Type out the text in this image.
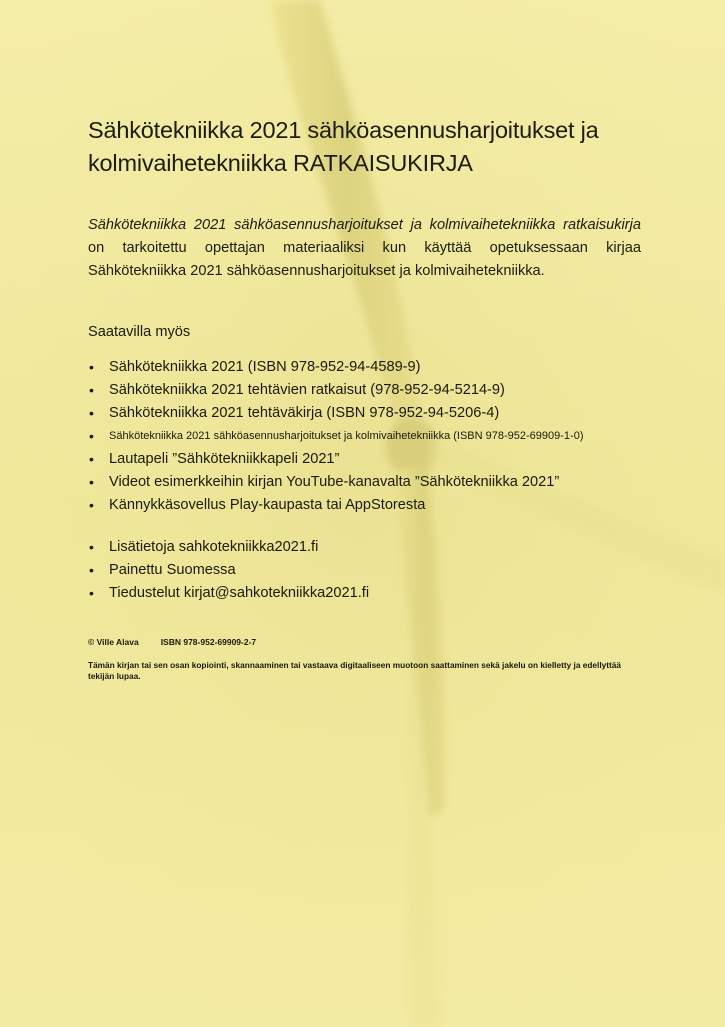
Sähkötekniikka 2021 sähköasennusharjoitukset ja kolmivaihetekniikka RATKAISUKIRJA

Sähkötekniikka 2021 sähköasennusharjoitukset ja kolmivaihetekniikka ratkaisukirja on tarkoitettu opettajan materiaaliksi kun käyttää opetuksessaan kirjaa Sähkötekniikka 2021 sähköasennusharjoitukset ja kolmivaihetekniikka.

Saatavilla myös

• Sähkötekniikka 2021 (ISBN 978-952-94-4589-9)
• Sähkötekniikka 2021 tehtävien ratkaisut (978-952-94-5214-9)
• Sähkötekniikka 2021 tehtäväkirja (ISBN 978-952-94-5206-4)
• Sähkötekniikka 2021 sähköasennusharjoitukset ja kolmivaihetekniikka (ISBN 978-952-69909-1-0)
• Lautapeli ”Sähkötekniikkapeli 2021”
• Videot esimerkkeihin kirjan YouTube-kanavalta ”Sähkötekniikka 2021”
• Kännykkäsovellus Play-kaupasta tai AppStoresta
• Lisätietoja sahkotekniikka2021.fi
• Painettu Suomessa
• Tiedustelut kirjat@sahkotekniikka2021.fi
© Ville Alava	ISBN 978-952-69909-2-7

Tämän kirjan tai sen osan kopiointi, skannaaminen tai vastaava digitaaliseen muotoon saattaminen sekä jakelu on kielletty ja edellyttää tekijän lupaa.
